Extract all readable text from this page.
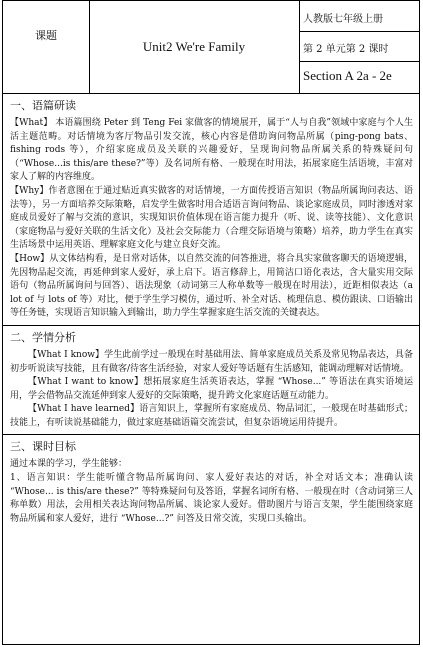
课题
Unit2 We're Family
人教版七年级上册
第 2 单元第 2 课时
Section A 2a - 2e
一、语篇研读

【What】 本语篇围绕 Peter 到 Teng Fei 家做客的情境展开，属于“人与自我”领域中家庭与个人生活主题范畴。对话情境为客厅物品引发交流，核心内容是借助询问物品所属（ping-pong bats、fishing rods 等），介绍家庭成员及关联的兴趣爱好，呈现询问物品所属关系的特殊疑问句（“Whose...is this/are these?”等）及名词所有格、一般现在时用法，拓展家庭生活语境，丰富对家人了解的内容维度。

【Why】作者意图在于通过贴近真实做客的对话情境，一方面传授语言知识（物品所属询问表达、语法等），另一方面培养交际策略，启发学生做客时用合适语言询问物品、谈论家庭成员，同时渗透对家庭成员爱好了解与交流的意识，实现知识价值体现在语言能力提升（听、说、读等技能）、文化意识（家庭物品与爱好关联的生活文化）及社会交际能力（合理交际语境与策略）培养，助力学生在真实生活场景中运用英语、理解家庭文化与建立良好交流。

【How】从文体结构看，是日常对话体，以自然交流的问答推进，将合具实家做客聊天的语境逻辑，先因物品起交流，再延伸到家人爱好，承上启下。语言修辞上，用简洁口语化表达，含大量实用交际语句（物品所属询问与回答）、语法现象（动词第三人称单数等一般现在时用法），近距相似表达（a lot of 与 lots of 等）对比，便于学生学习模仿，通过听、补全对话、梳理信息、模仿跟读、口语输出等任务链，实现语言知识输入到输出，助力学生掌握家庭生活交流的关键表达。

二、学情分析

【What I know】学生此前学过一般现在时基础用法、简单家庭成员关系及常见物品表达，具备初步听说读写技能，且有做客/待客生活经验，对家人爱好等话题有生活感知，能调动理解对话情境。

【What I want to know】想拓展家庭生活英语表达，掌握 “Whose...” 等语法在真实语境运用，学会借物品交流延伸到家人爱好的交际策略，提升跨文化家庭话题互动能力。

【What I have learned】语言知识上，掌握所有家庭成员、物品词汇，一般现在时基础形式；技能上，有听读说基础能力，做过家庭基础语篇交流尝试，但复杂语境运用待提升。

三、课时目标

通过本课的学习，学生能够：

1、语言知识：学生能听懂含物品所属询问、家人爱好表达的对话，补全对话文本；准确认读 “Whose... is this/are these?” 等特殊疑问句及答语，掌握名词所有格、一般现在时（含动词第三人称单数）用法，会用相关表达询问物品所属、谈论家人爱好。借助图片与语言支架，学生能围绕家庭物品所属和家人爱好，进行 “Whose...?” 问答及日常交流，实现口头输出。
